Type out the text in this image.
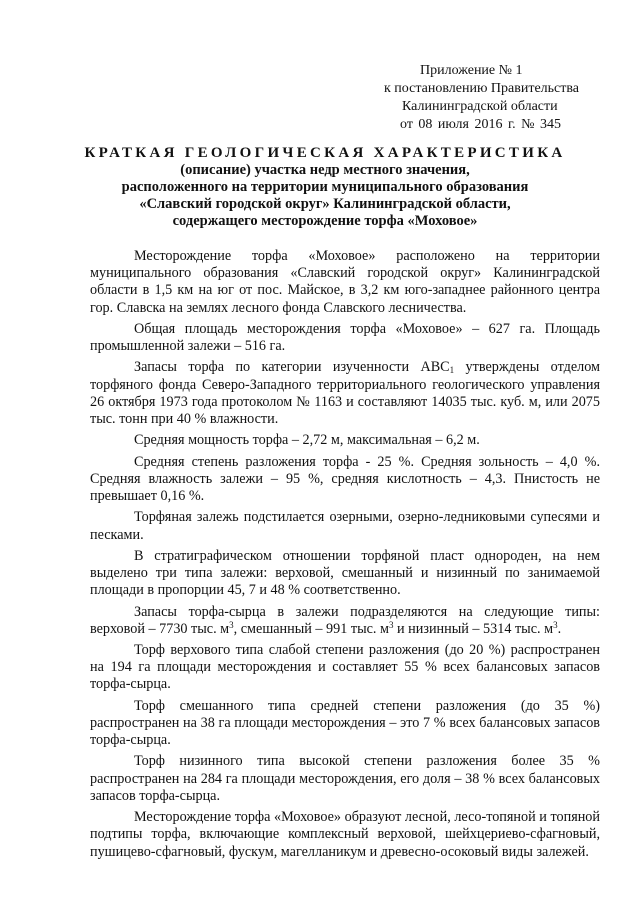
Приложение № 1
к постановлению Правительства
Калининградской области
от 08 июля 2016 г. № 345
КРАТКАЯ ГЕОЛОГИЧЕСКАЯ ХАРАКТЕРИСТИКА
(описание) участка недр местного значения,
расположенного на территории муниципального образования
«Славский городской округ» Калининградской области,
содержащего месторождение торфа «Моховое»

Месторождение торфа «Моховое» расположено на территории муниципального образования «Славский городской округ» Калининградской области в 1,5 км на юг от пос. Майское, в 3,2 км юго-западнее районного центра гор. Славска на землях лесного фонда Славского лесничества.

Общая площадь месторождения торфа «Моховое» – 627 га. Площадь промышленной залежи – 516 га.

Запасы торфа по категории изученности $АВС_1$ утверждены отделом торфяного фонда Северо-Западного территориального геологического управления 26 октября 1973 года протоколом № 1163 и составляют 14035 тыс. куб. м, или 2075 тыс. тонн при 40 % влажности.

Средняя мощность торфа – 2,72 м, максимальная – 6,2 м.

Средняя степень разложения торфа - 25 %. Средняя зольность – 4,0 %. Средняя влажность залежи – 95 %, средняя кислотность – 4,3. Пнистость не превышает 0,16 %.

Торфяная залежь подстилается озерными, озерно-ледниковыми супесями и песками.

В стратиграфическом отношении торфяной пласт однороден, на нем выделено три типа залежи: верховой, смешанный и низинный по занимаемой площади в пропорции 45, 7 и 48 % соответственно.

Запасы торфа-сырца в залежи подразделяются на следующие типы: верховой – 7730 тыс. $м^3$, смешанный – 991 тыс. $м^3$ и низинный – 5314 тыс. $м^3$.

Торф верхового типа слабой степени разложения (до 20 %) распространен на 194 га площади месторождения и составляет 55 % всех балансовых запасов торфа-сырца.

Торф смешанного типа средней степени разложения (до 35 %) распространен на 38 га площади месторождения – это 7 % всех балансовых запасов торфа-сырца.

Торф низинного типа высокой степени разложения более 35 % распространен на 284 га площади месторождения, его доля – 38 % всех балансовых запасов торфа-сырца.

Месторождение торфа «Моховое» образуют лесной, лесо-топяной и топяной подтипы торфа, включающие комплексный верховой, шейхцериево-сфагновый, пушицево-сфагновый, фускум, магелланикум и древесно-осоковый виды залежей.
